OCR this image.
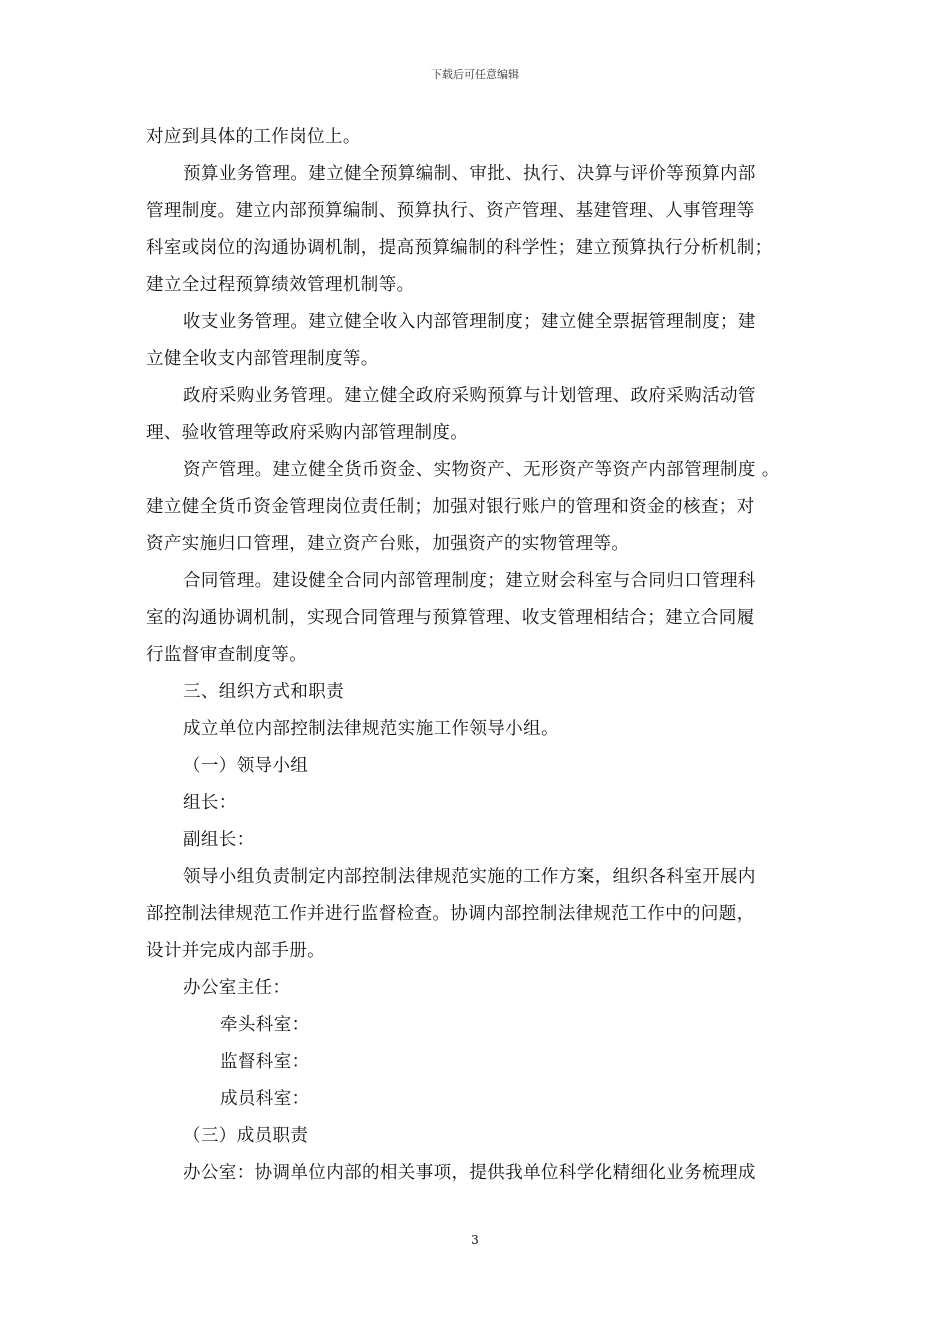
下载后可任意编辑

对应到具体的工作岗位上。

预算业务管理。建立健全预算编制、审批、执行、决算与评价等预算内部

管理制度。建立内部预算编制、预算执行、资产管理、基建管理、人事管理等

科室或岗位的沟通协调机制，提高预算编制的科学性；建立预算执行分析机制；

建立全过程预算绩效管理机制等。

收支业务管理。建立健全收入内部管理制度；建立健全票据管理制度；建

立健全收支内部管理制度等。

政府采购业务管理。建立健全政府采购预算与计划管理、政府采购活动管

理、验收管理等政府采购内部管理制度。

资产管理。建立健全货币资金、实物资产、无形资产等资产内部管理制度 。

建立健全货币资金管理岗位责任制；加强对银行账户的管理和资金的核查；对

资产实施归口管理，建立资产台账，加强资产的实物管理等。

合同管理。建设健全合同内部管理制度；建立财会科室与合同归口管理科

室的沟通协调机制，实现合同管理与预算管理、收支管理相结合；建立合同履

行监督审查制度等。

三、组织方式和职责

成立单位内部控制法律规范实施工作领导小组。

（一）领导小组

组长：

副组长：

领导小组负责制定内部控制法律规范实施的工作方案，组织各科室开展内

部控制法律规范工作并进行监督检查。协调内部控制法律规范工作中的问题，

设计并完成内部手册。

办公室主任：

牵头科室：

监督科室：

成员科室：

（三）成员职责

办公室：协调单位内部的相关事项，提供我单位科学化精细化业务梳理成

3
